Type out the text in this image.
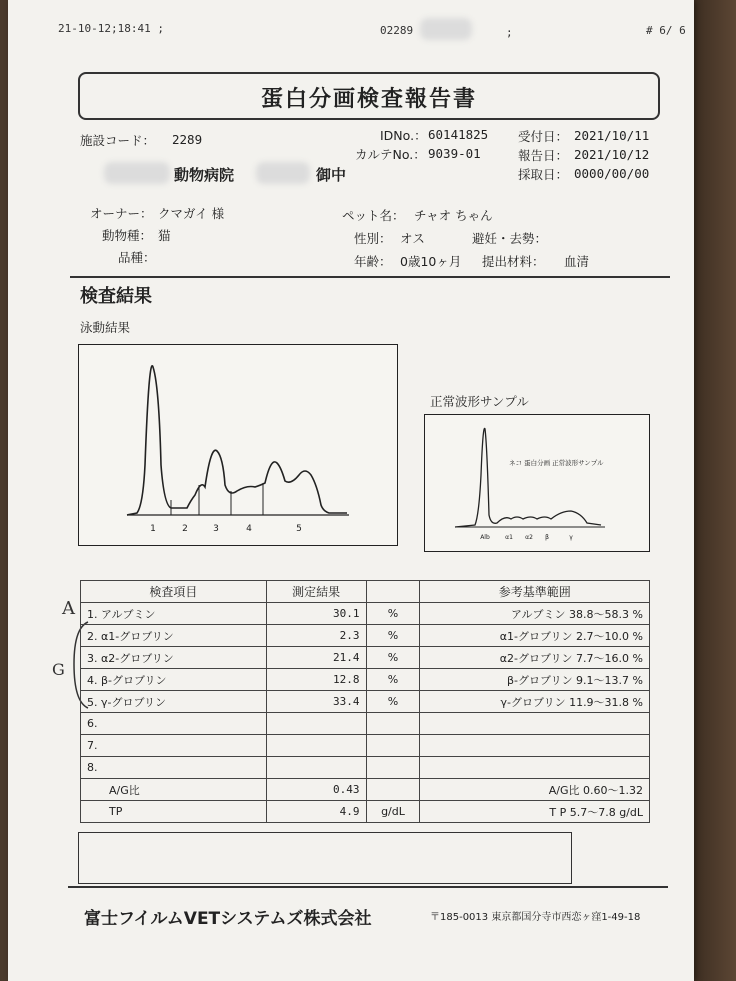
21-10-12;18:41 ;	02289	;	# 6/ 6
蛋白分画検査報告書
施設コード： 2289
動物病院	御中
IDNo.： 60141825
カルテNo.： 9039-01
受付日： 2021/10/11
報告日： 2021/10/12
採取日： 0000/00/00
オーナー： クマガイ 様
動物種： 猫
品種：
ペット名： チャオ ちゃん
性別： オス	避妊・去勢：
年齢： 0歳10ヶ月 提出材料： 血清
検査結果
泳動結果
1	2	3	4	5
正常波形サンプル
ネコ 蛋白分画 正常波形サンプル
Alb	α1 α2 β	γ
A
G
検査項目	測定結果		参考基準範囲
1. アルブミン	30.1	%	アルブミン 38.8〜58.3 %
2. α1-グロブリン	2.3	%	α1-グロブリン 2.7〜10.0 %
3. α2-グロブリン	21.4	%	α2-グロブリン 7.7〜16.0 %
4. β-グロブリン	12.8	%	β-グロブリン 9.1〜13.7 %
5. γ-グロブリン	33.4	%	γ-グロブリン 11.9〜31.8 %
6.			
7.			
8.			
A/G比	0.43		A/G比 0.60〜1.32
TP	4.9	g/dL	T P 5.7〜7.8 g/dL
富士フイルムVETシステムズ株式会社	〒185-0013 東京都国分寺市西恋ヶ窪1-49-18
